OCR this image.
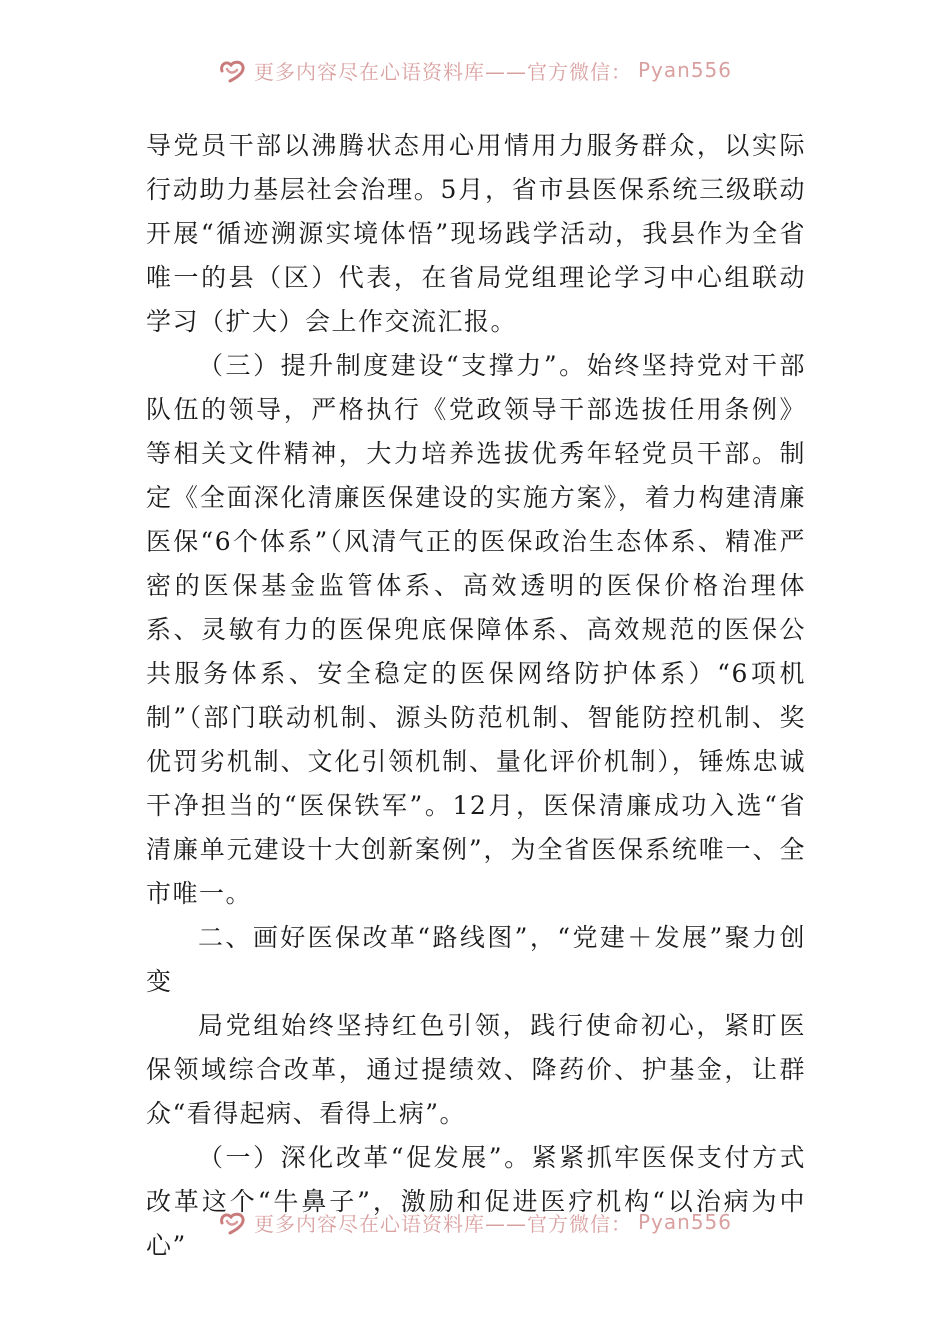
更多内容尽在心语资料库——官方微信： Pyan556

导党员干部以沸腾状态用心用情用力服务群众，以实际行动助力基层社会治理。5月，省市县医保系统三级联动开展“循迹溯源实境体悟”现场践学活动，我县作为全省唯一的县（区）代表，在省局党组理论学习中心组联动学习（扩大）会上作交流汇报。

（三）提升制度建设“支撑力”。始终坚持党对干部队伍的领导，严格执行《党政领导干部选拔任用条例》等相关文件精神，大力培养选拔优秀年轻党员干部。制定《全面深化清廉医保建设的实施方案》，着力构建清廉医保“6个体系”（风清气正的医保政治生态体系、精准严密的医保基金监管体系、高效透明的医保价格治理体系、灵敏有力的医保兜底保障体系、高效规范的医保公共服务体系、安全稳定的医保网络防护体系）“6项机制”（部门联动机制、源头防范机制、智能防控机制、奖优罚劣机制、文化引领机制、量化评价机制），锤炼忠诚干净担当的“医保铁军”。12月，医保清廉成功入选“省清廉单元建设十大创新案例”，为全省医保系统唯一、全市唯一。

二、画好医保改革“路线图”，“党建＋发展”聚力创变

局党组始终坚持红色引领，践行使命初心，紧盯医保领域综合改革，通过提绩效、降药价、护基金，让群众“看得起病、看得上病”。

（一）深化改革“促发展”。紧紧抓牢医保支付方式改革这个“牛鼻子”，激励和促进医疗机构“以治病为中心”

更多内容尽在心语资料库——官方微信： Pyan556
